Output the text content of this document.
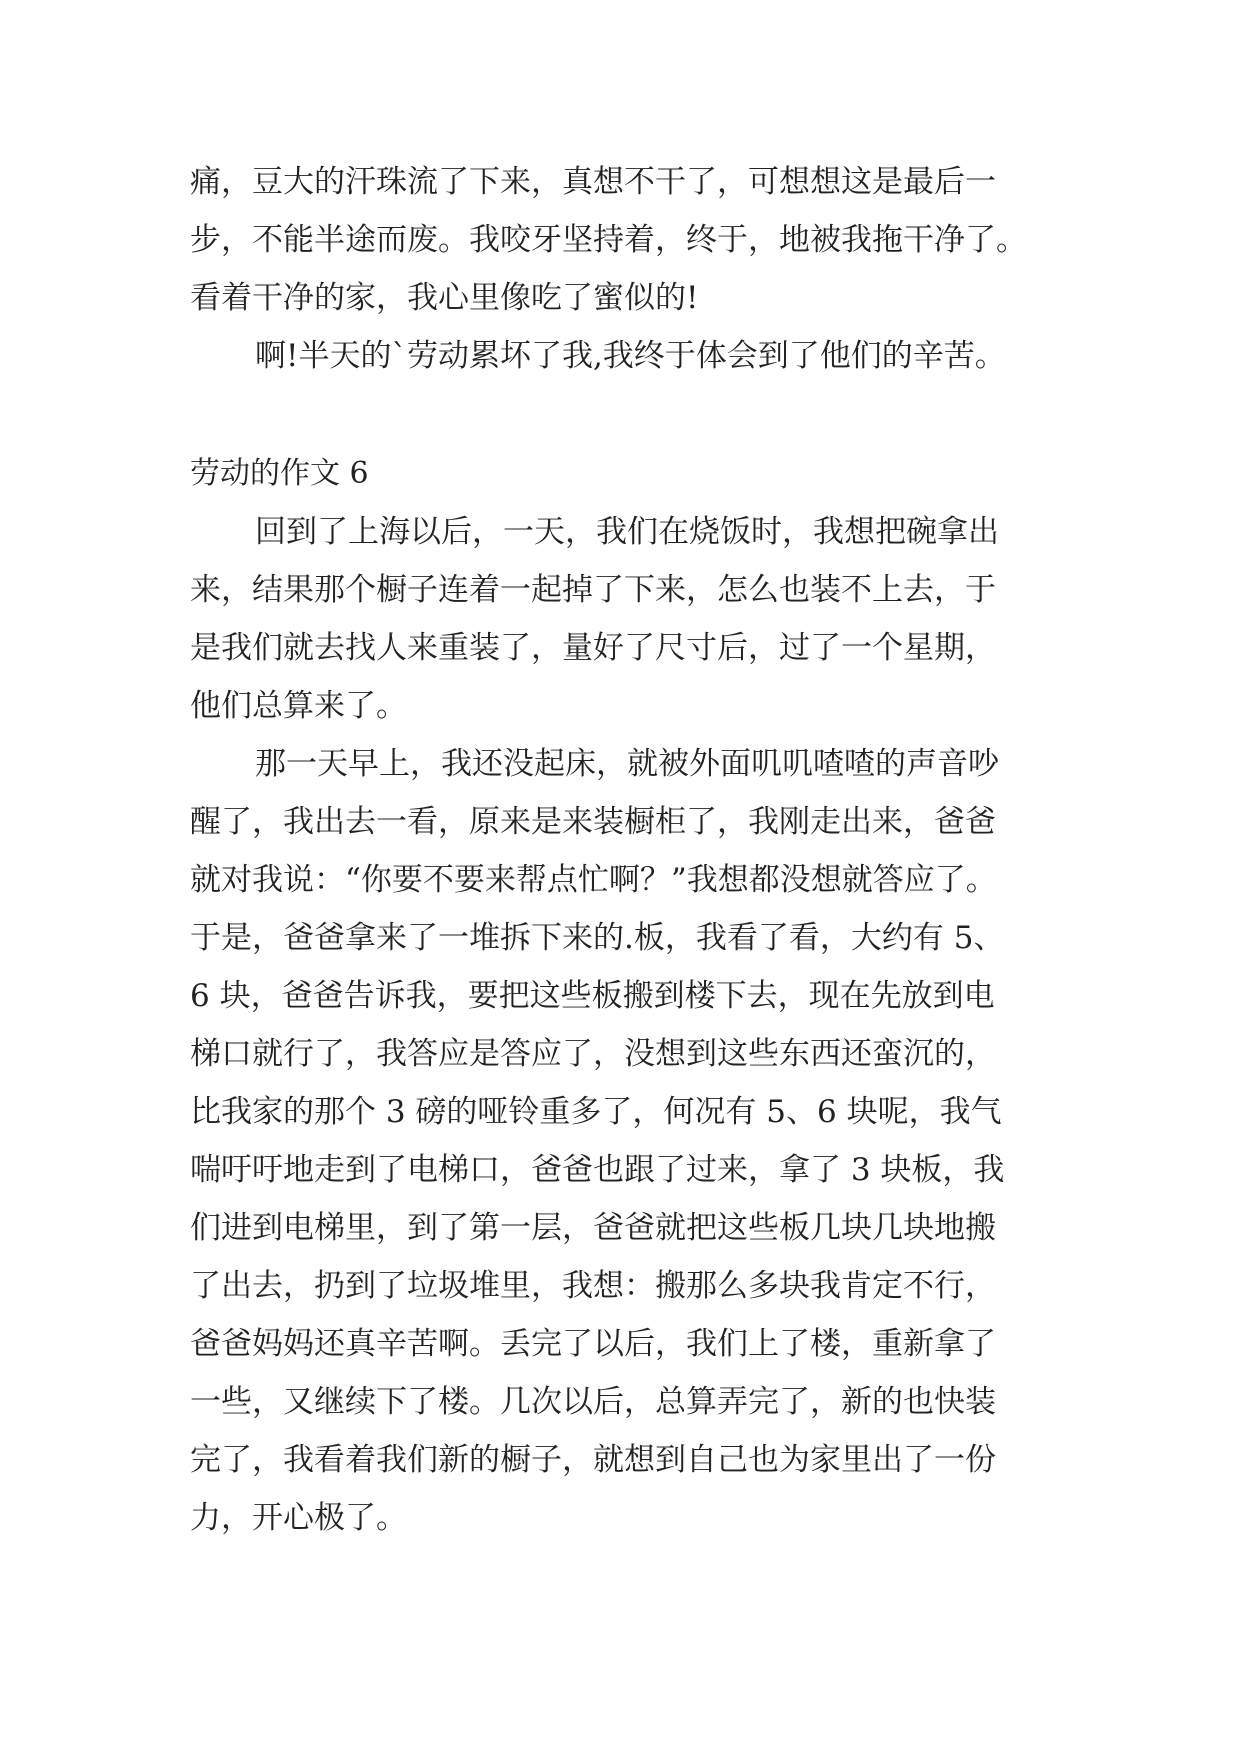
痛，豆大的汗珠流了下来，真想不干了，可想想这是最后一
步，不能半途而废。我咬牙坚持着，终于，地被我拖干净了。
看着干净的家，我心里像吃了蜜似的!
啊!半天的`劳动累坏了我,我终于体会到了他们的辛苦。
劳动的作文 6
回到了上海以后，一天，我们在烧饭时，我想把碗拿出
来，结果那个橱子连着一起掉了下来，怎么也装不上去，于
是我们就去找人来重装了，量好了尺寸后，过了一个星期，
他们总算来了。
那一天早上，我还没起床，就被外面叽叽喳喳的声音吵
醒了，我出去一看，原来是来装橱柜了，我刚走出来，爸爸
就对我说：“你要不要来帮点忙啊？”我想都没想就答应了。
于是，爸爸拿来了一堆拆下来的.板，我看了看，大约有 5、
6 块，爸爸告诉我，要把这些板搬到楼下去，现在先放到电
梯口就行了，我答应是答应了，没想到这些东西还蛮沉的，
比我家的那个 3 磅的哑铃重多了，何况有 5、6 块呢，我气
喘吁吁地走到了电梯口，爸爸也跟了过来，拿了 3 块板，我
们进到电梯里，到了第一层，爸爸就把这些板几块几块地搬
了出去，扔到了垃圾堆里，我想：搬那么多块我肯定不行，
爸爸妈妈还真辛苦啊。丢完了以后，我们上了楼，重新拿了
一些，又继续下了楼。几次以后，总算弄完了，新的也快装
完了，我看着我们新的橱子，就想到自己也为家里出了一份
力，开心极了。
